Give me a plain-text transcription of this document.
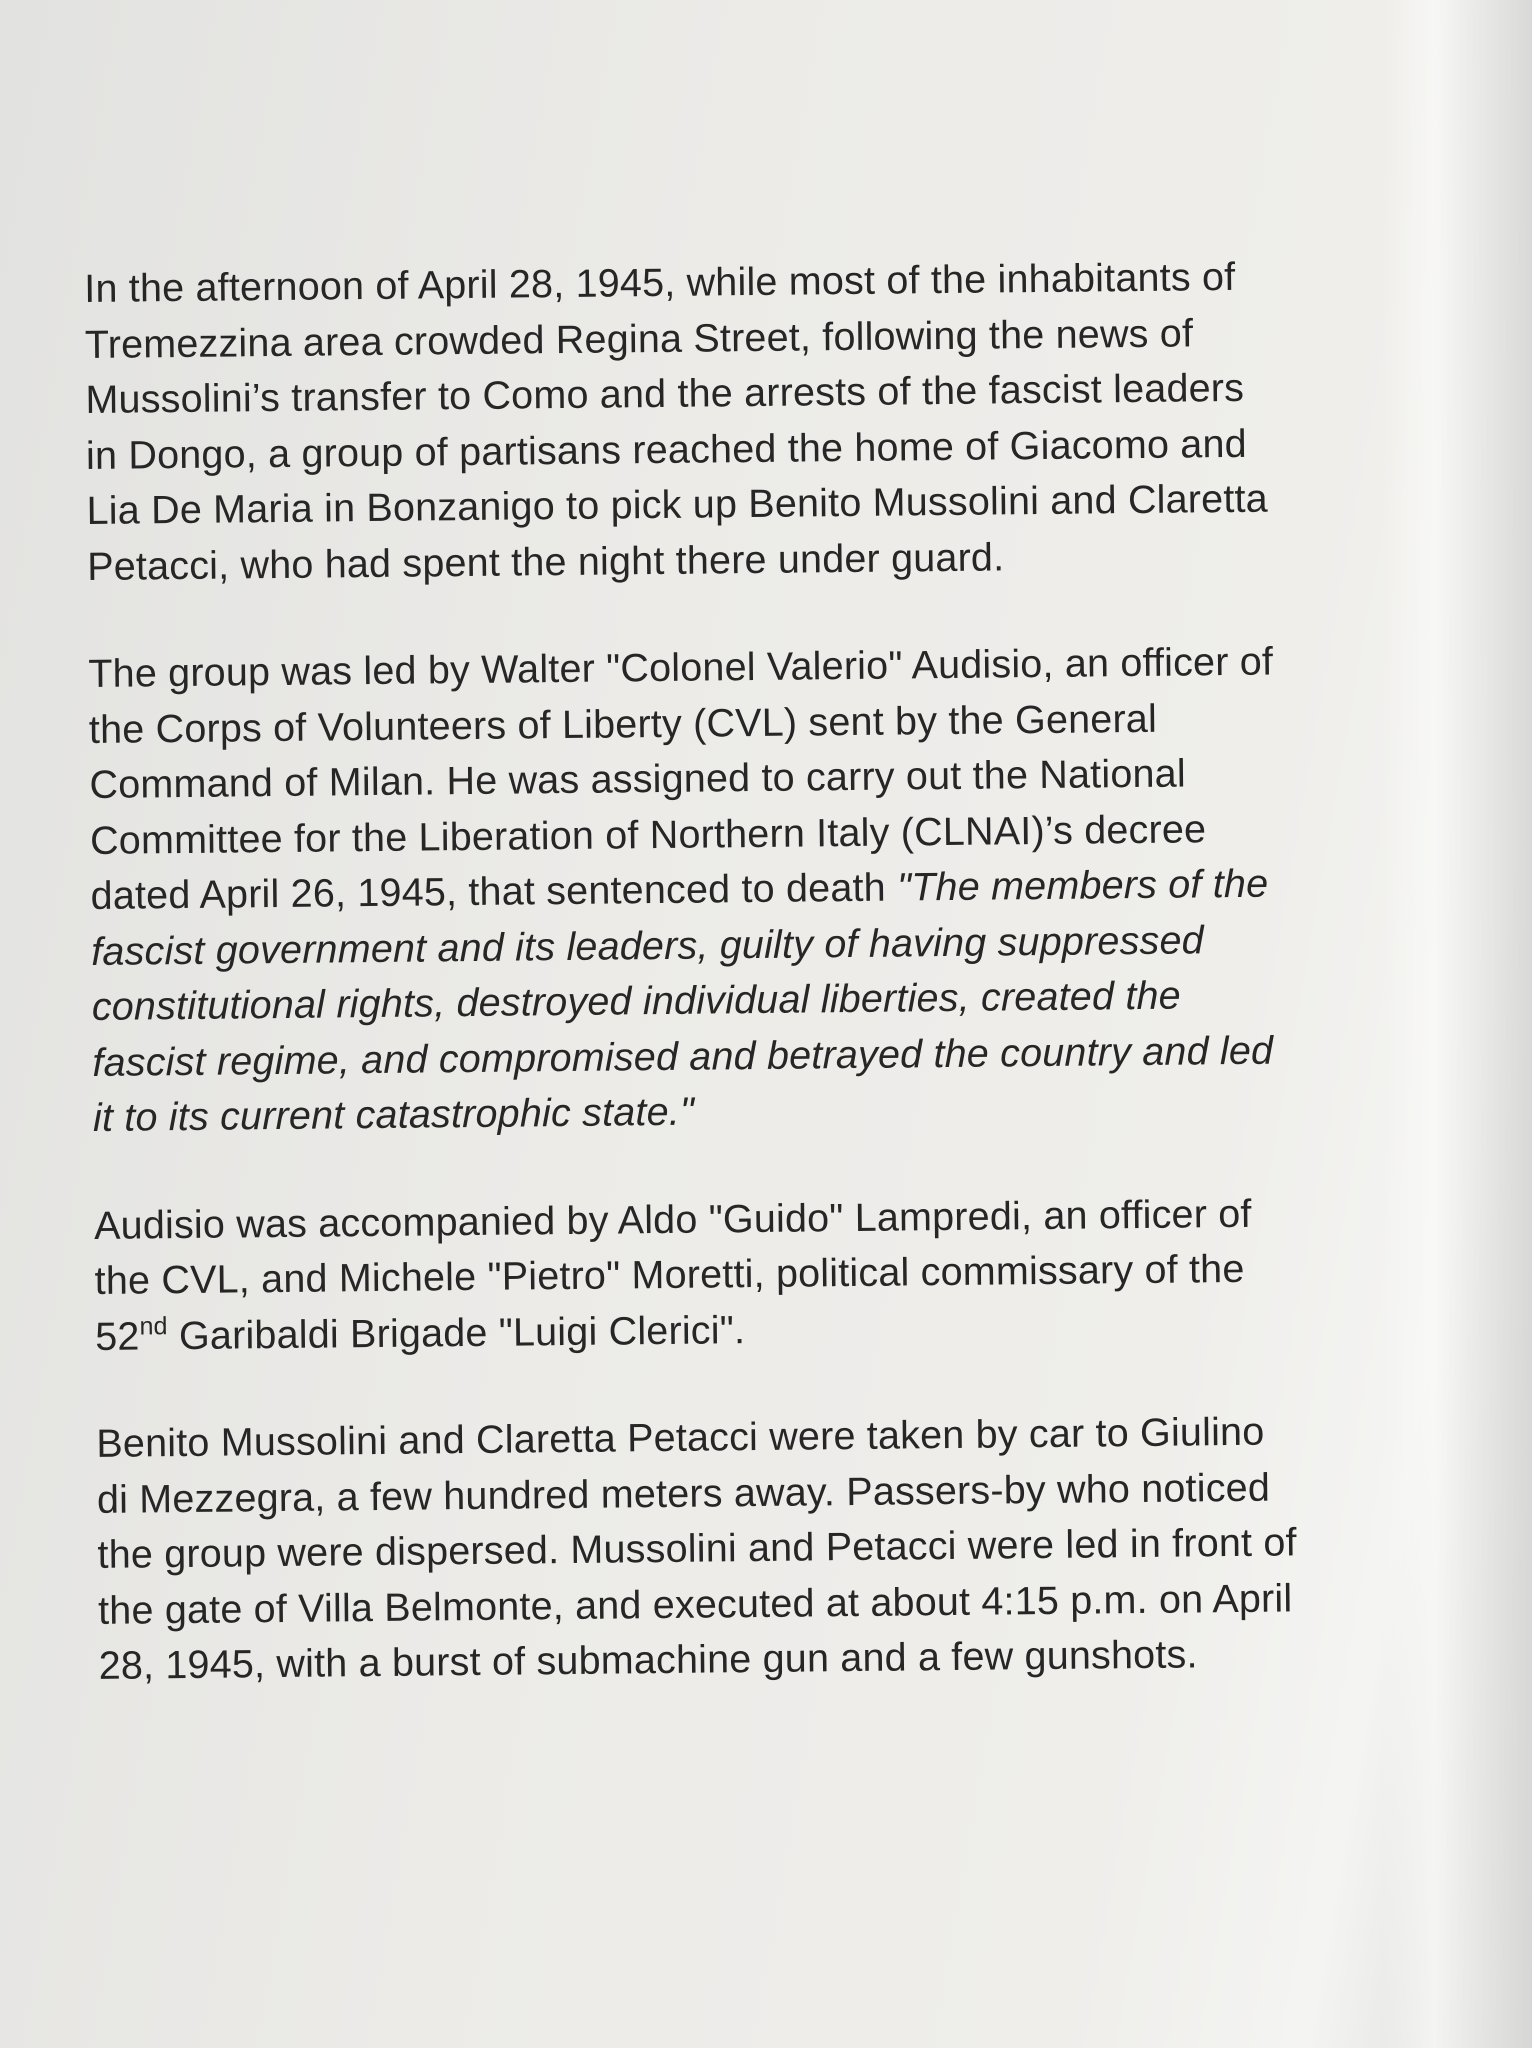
In the afternoon of April 28, 1945, while most of the inhabitants of Tremezzina area crowded Regina Street, following the news of Mussolini’s transfer to Como and the arrests of the fascist leaders in Dongo, a group of partisans reached the home of Giacomo and Lia De Maria in Bonzanigo to pick up Benito Mussolini and Claretta Petacci, who had spent the night there under guard.

The group was led by Walter "Colonel Valerio" Audisio, an officer of the Corps of Volunteers of Liberty (CVL) sent by the General Command of Milan. He was assigned to carry out the National Committee for the Liberation of Northern Italy (CLNAI)’s decree dated April 26, 1945, that sentenced to death "The members of the fascist government and its leaders, guilty of having suppressed constitutional rights, destroyed individual liberties, created the fascist regime, and compromised and betrayed the country and led it to its current catastrophic state."

Audisio was accompanied by Aldo "Guido" Lampredi, an officer of the CVL, and Michele "Pietro" Moretti, political commissary of the 52nd Garibaldi Brigade "Luigi Clerici".

Benito Mussolini and Claretta Petacci were taken by car to Giulino di Mezzegra, a few hundred meters away. Passers-by who noticed the group were dispersed. Mussolini and Petacci were led in front of the gate of Villa Belmonte, and executed at about 4:15 p.m. on April 28, 1945, with a burst of submachine gun and a few gunshots.
